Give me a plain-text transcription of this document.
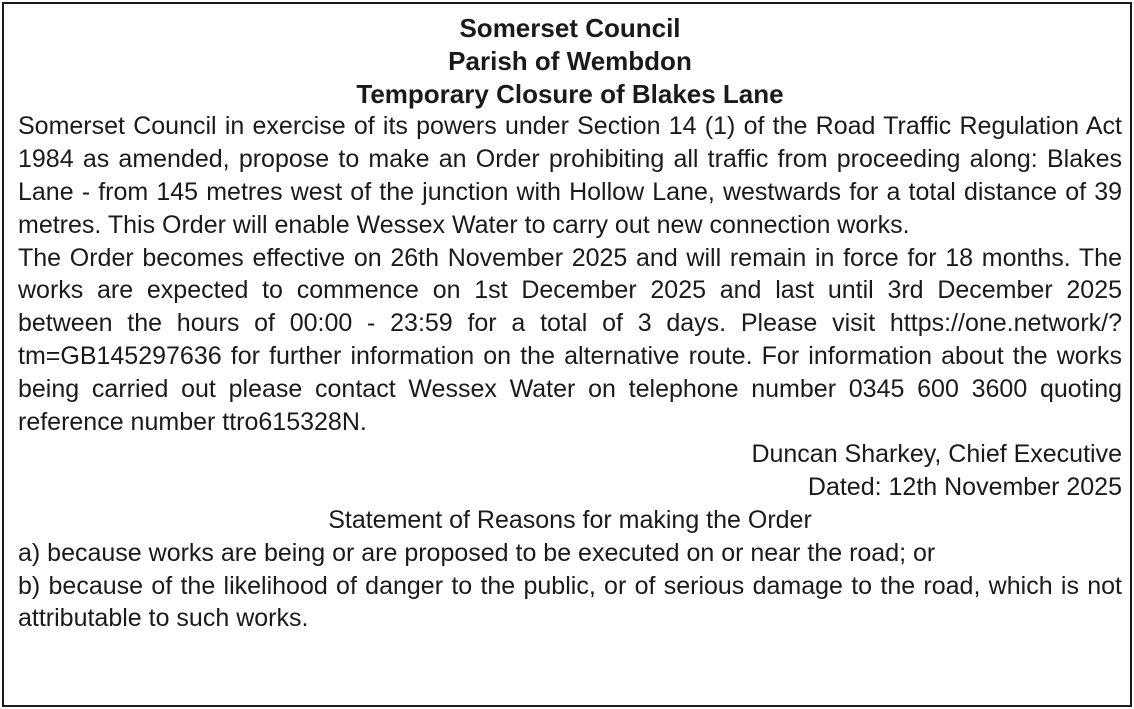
Somerset Council

Parish of Wembdon

Temporary Closure of Blakes Lane

Somerset Council in exercise of its powers under Section 14 (1) of the Road Traffic Regulation Act 1984 as amended, propose to make an Order prohibiting all traffic from proceeding along: Blakes Lane - from 145 metres west of the junction with Hollow Lane, westwards for a total distance of 39 metres. This Order will enable Wessex Water to carry out new connection works.

The Order becomes effective on 26th November 2025 and will remain in force for 18 months. The works are expected to commence on 1st December 2025 and last until 3rd December 2025 between the hours of 00:00 - 23:59 for a total of 3 days. Please visit https://one.network/?tm=GB145297636 for further information on the alternative route. For information about the works being carried out please contact Wessex Water on telephone number 0345 600 3600 quoting reference number ttro615328N.

Duncan Sharkey, Chief Executive

Dated: 12th November 2025

Statement of Reasons for making the Order

a) because works are being or are proposed to be executed on or near the road; or

b) because of the likelihood of danger to the public, or of serious damage to the road, which is not attributable to such works.
